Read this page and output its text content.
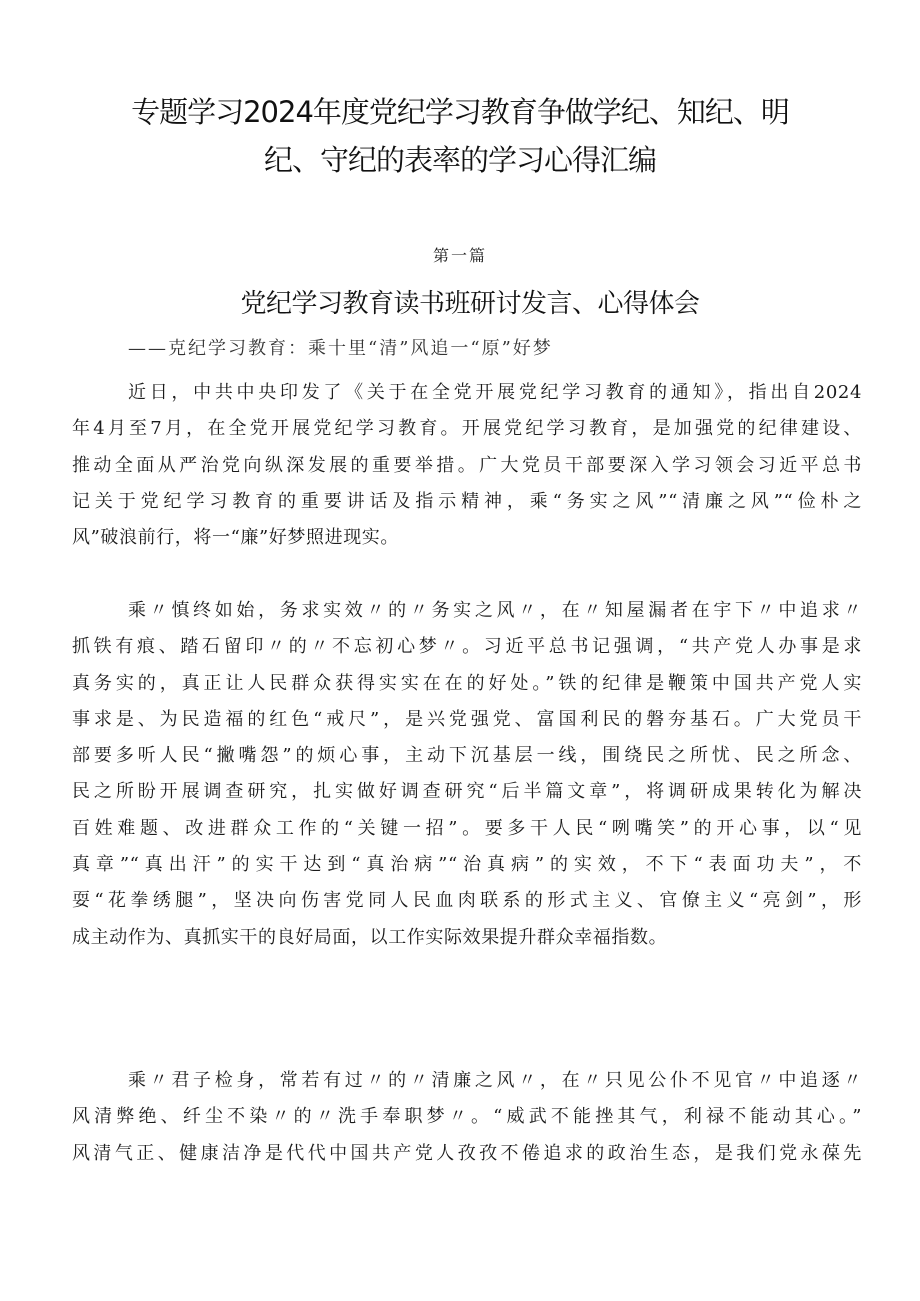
专题学习2024年度党纪学习教育争做学纪、知纪、明
纪、守纪的表率的学习心得汇编
第一篇
党纪学习教育读书班研讨发言、心得体会
——克纪学习教育：乘十里“清”风追一“原”好梦
近日，中共中央印发了《关于在全党开展党纪学习教育的通知》，指出自2024
年4月至7月，在全党开展党纪学习教育。开展党纪学习教育，是加强党的纪律建设、
推动全面从严治党向纵深发展的重要举措。广大党员干部要深入学习领会习近平总书
记关于党纪学习教育的重要讲话及指示精神，乘“务实之风”“清廉之风”“俭朴之
风”破浪前行，将一“廉”好梦照进现实。
乘〃慎终如始，务求实效〃的〃务实之风〃，在〃知屋漏者在宇下〃中追求〃
抓铁有痕、踏石留印〃的〃不忘初心梦〃。习近平总书记强调，“共产党人办事是求
真务实的，真正让人民群众获得实实在在的好处。”铁的纪律是鞭策中国共产党人实
事求是、为民造福的红色“戒尺”，是兴党强党、富国利民的磐夯基石。广大党员干
部要多听人民“撇嘴怨”的烦心事，主动下沉基层一线，围绕民之所忧、民之所念、
民之所盼开展调查研究，扎实做好调查研究“后半篇文章”，将调研成果转化为解决
百姓难题、改进群众工作的“关键一招”。要多干人民“咧嘴笑”的开心事，以“见
真章”“真出汗”的实干达到“真治病”“治真病”的实效，不下“表面功夫”，不
耍“花拳绣腿”，坚决向伤害党同人民血肉联系的形式主义、官僚主义“亮剑”，形
成主动作为、真抓实干的良好局面，以工作实际效果提升群众幸福指数。
乘〃君子检身，常若有过〃的〃清廉之风〃，在〃只见公仆不见官〃中追逐〃
风清弊绝、纤尘不染〃的〃洗手奉职梦〃。“威武不能挫其气，利禄不能动其心。”
风清气正、健康洁净是代代中国共产党人孜孜不倦追求的政治生态，是我们党永葆先
